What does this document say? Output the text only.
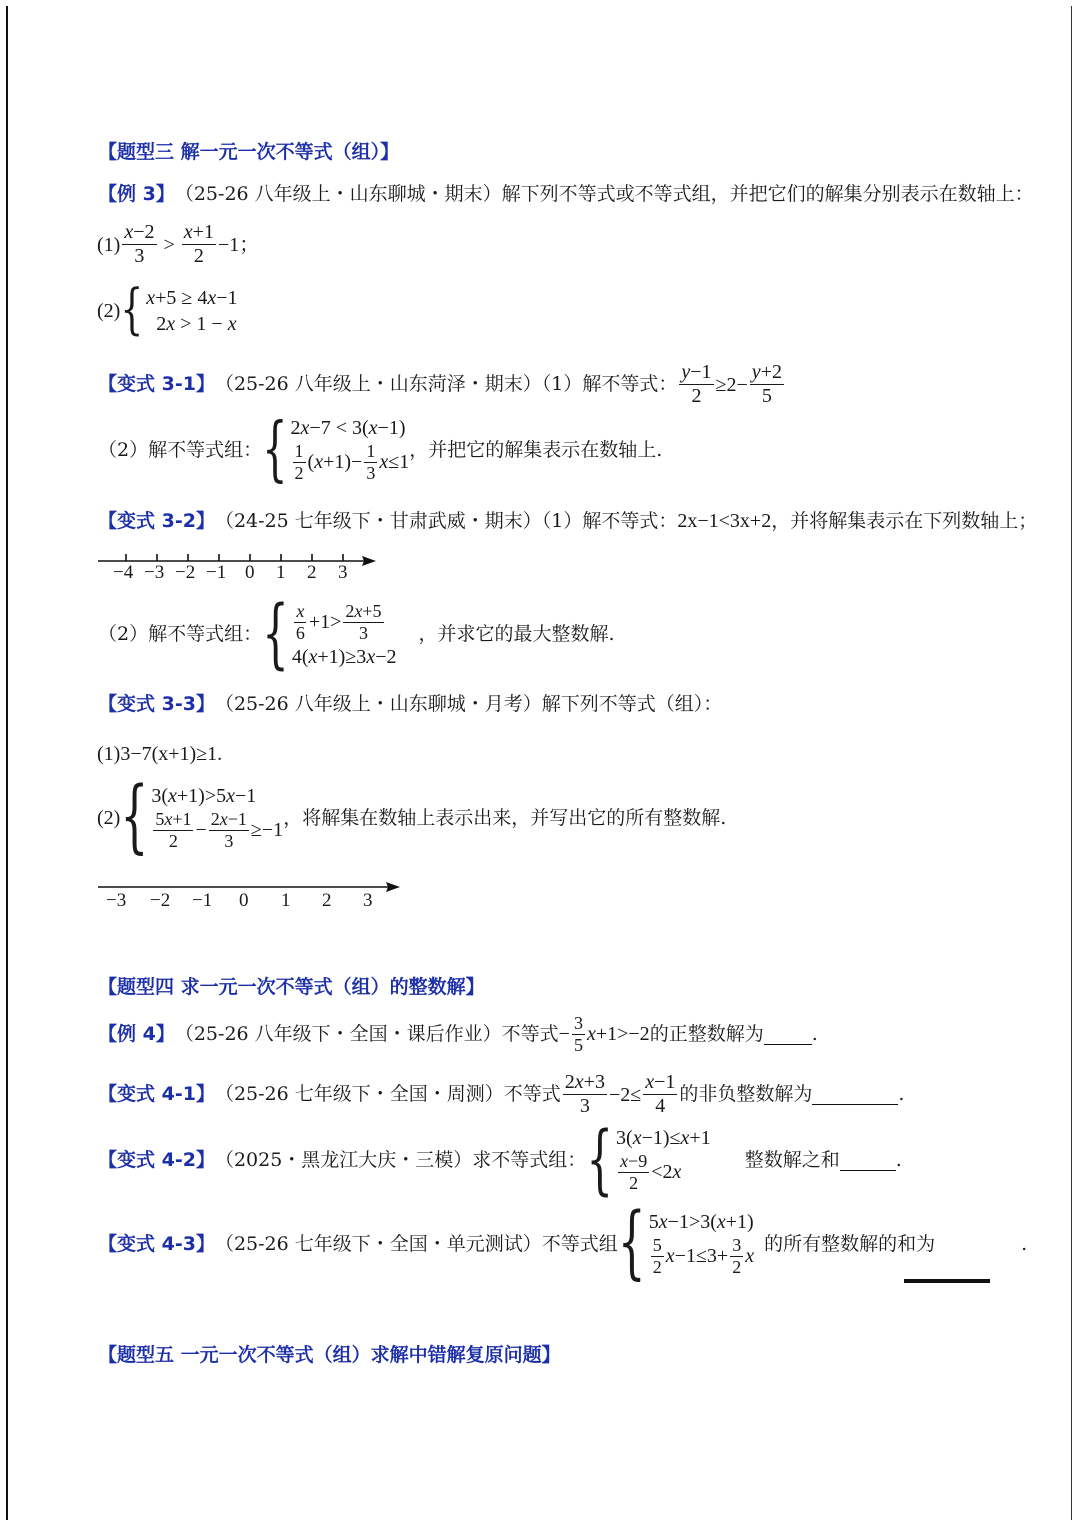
【题型三 解一元一次不等式（组）】
【例 3】 （25-26 八年级上・山东聊城・期末）解下列不等式或不等式组，并把它们的解集分别表示在数轴上：
$(1) \frac{x-2}{3} > \frac{x+1}{2} -1$ ；
(2) { x+5 ≥ 4x−1
2x > 1 − x
【变式 3-1】 （25-26 八年级上・山东菏泽・期末）（1）解不等式： $\frac{y-1}{2} \ge 2- \frac{y+2}{5}$
（2）解不等式组： { 2x−7 < 3(x−1)
$\frac{1}{2}$ ( $x +1)- \frac{1}{3}$ x ≤1
，并把它的解集表示在数轴上.
【变式 3-2】 （24-25 七年级下・甘肃武威・期末）（1）解不等式： 2x−1<3x+2 ，并将解集表示在下列数轴上；
−4 −3 −2 −1 0 1 2 3
（2）解不等式组： { $\frac{x}{6} +1> \frac{2x+5}{3}$
4(x+1)≥3x−2
，并求它的最大整数解.
【变式 3-3】 （25-26 八年级上・山东聊城・月考）解下列不等式（组）：
(1)3−7(x+1)≥1.
(2) { 3(x+1)>5x−1
$\frac{5x+1}{2} - \frac{2x-1}{3} \ge-1$
，将解集在数轴上表示出来，并写出它的所有整数解.
−3 −2 −1 0 1 2 3
【题型四 求一元一次不等式（组）的整数解】
【例 4】 （25-26 八年级下・全国・课后作业）不等式 − $\frac{3}{5}$ x +1>−2 的正整数解为	.
【变式 4-1】 （25-26 七年级下・全国・周测）不等式 $\frac{2x+3}{3} -2\le \frac{x-1}{4}$ 的非负整数解为	.
【变式 4-2】 （2025・黑龙江大庆・三模）求不等式组： { 3(x−1)≤x+1
$\frac{x-9}{2} <2$ x
整数解之和	.
【变式 4-3】 （25-26 七年级下・全国・单元测试）不等式组 { 5x−1>3(x+1)
$\frac{5}{2}$ $x -1\le 3+ \frac{3}{2}$ x
的所有整数解的和为	.
【题型五 一元一次不等式（组）求解中错解复原问题】
